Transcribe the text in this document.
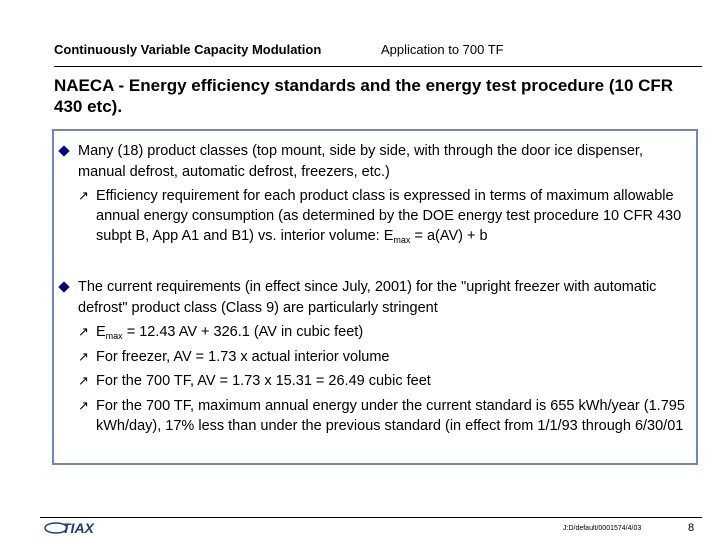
Continuously Variable Capacity Modulation	Application to 700 TF
NAECA - Energy efficiency standards and the energy test procedure (10 CFR 430 etc).
Many (18) product classes (top mount, side by side, with through the door ice dispenser, manual defrost, automatic defrost, freezers, etc.)
↗ Efficiency requirement for each product class is expressed in terms of maximum allowable annual energy consumption (as determined by the DOE energy test procedure 10 CFR 430 subpt B, App A1 and B1) vs. interior volume: $E_{max} = a(AV) + b$
The current requirements (in effect since July, 2001) for the "upright freezer with automatic defrost" product class (Class 9) are particularly stringent
↗ $E_{max} = 12.43$ AV + 326.1 (AV in cubic feet)
↗ For freezer, AV = 1.73 x actual interior volume
↗ For the 700 TF, AV = 1.73 x 15.31 = 26.49 cubic feet
↗ For the 700 TF, maximum annual energy under the current standard is 655 kWh/year (1.795 kWh/day), 17% less than under the previous standard (in effect from 1/1/93 through 6/30/01
TIAX	J:D/default/0001574/4/03	8
